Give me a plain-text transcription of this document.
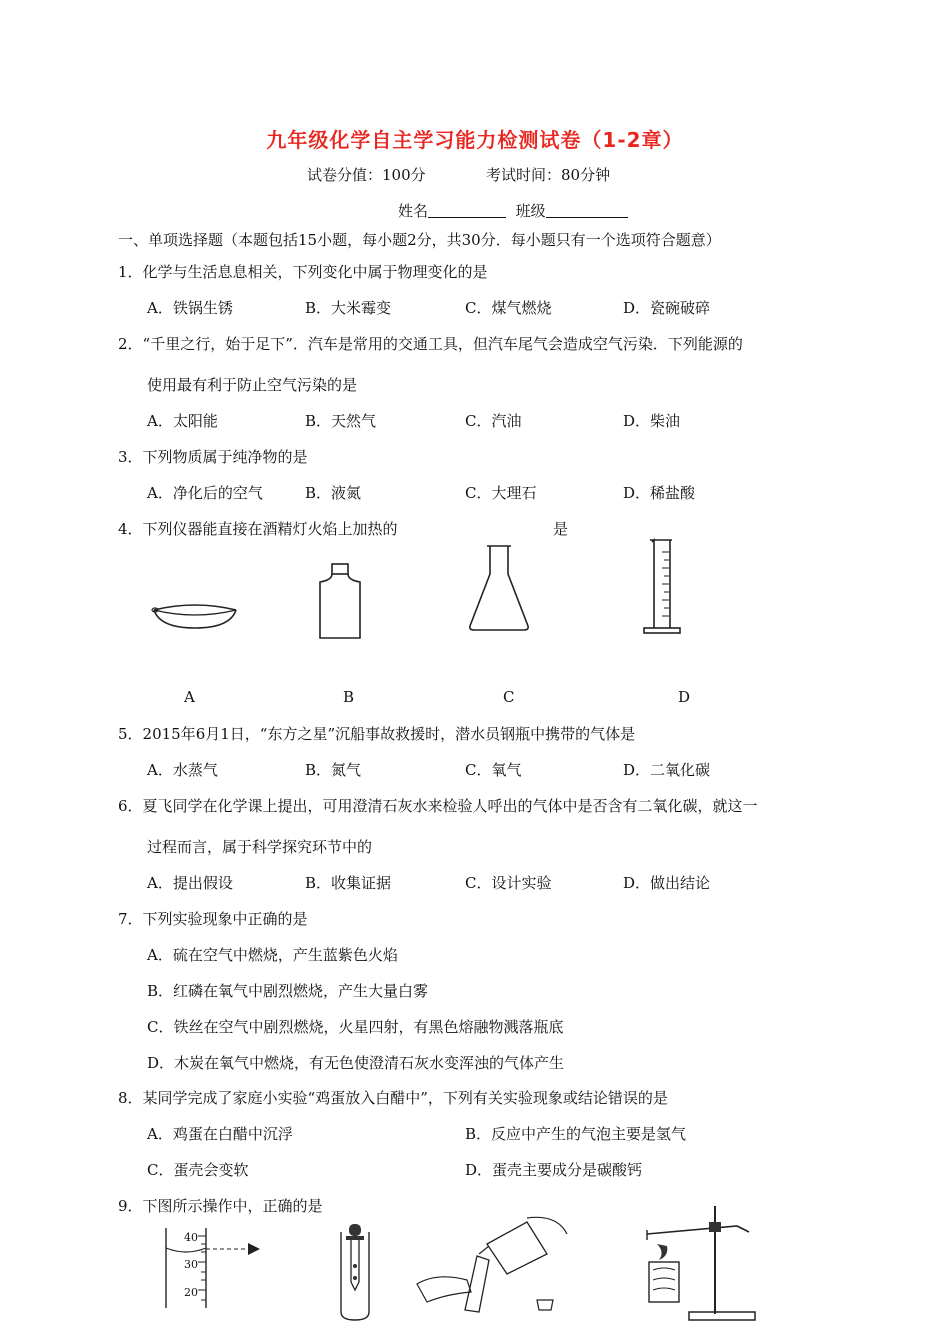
九年级化学自主学习能力检测试卷（1-2章）
试卷分值：100分	考试时间：80分钟
姓名	班级
一、单项选择题（本题包括15小题，每小题2分，共30分．每小题只有一个选项符合题意）
1．化学与生活息息相关，下列变化中属于物理变化的是
A．铁锅生锈	B．大米霉变	C．煤气燃烧	D．瓷碗破碎
2．“千里之行，始于足下”．汽车是常用的交通工具，但汽车尾气会造成空气污染．下列能源的
使用最有利于防止空气污染的是
A．太阳能	B．天然气	C．汽油	D．柴油
3．下列物质属于纯净物的是
A．净化后的空气	B．液氮	C．大理石	D．稀盐酸
4．下列仪器能直接在酒精灯火焰上加热的	是
A	B	C	D
5．2015年6月1日，“东方之星”沉船事故救援时，潜水员钢瓶中携带的气体是
A．水蒸气	B．氮气	C．氧气	D．二氧化碳
6．夏飞同学在化学课上提出，可用澄清石灰水来检验人呼出的气体中是否含有二氧化碳，就这一
过程而言，属于科学探究环节中的
A．提出假设	B．收集证据	C．设计实验	D．做出结论
7．下列实验现象中正确的是
A．硫在空气中燃烧，产生蓝紫色火焰
B．红磷在氧气中剧烈燃烧，产生大量白雾
C．铁丝在空气中剧烈燃烧，火星四射，有黑色熔融物溅落瓶底
D．木炭在氧气中燃烧，有无色使澄清石灰水变浑浊的气体产生
8．某同学完成了家庭小实验“鸡蛋放入白醋中”，下列有关实验现象或结论错误的是
A．鸡蛋在白醋中沉浮	B．反应中产生的气泡主要是氢气
C．蛋壳会变软	D．蛋壳主要成分是碳酸钙
9．下图所示操作中，正确的是
40
30
20
